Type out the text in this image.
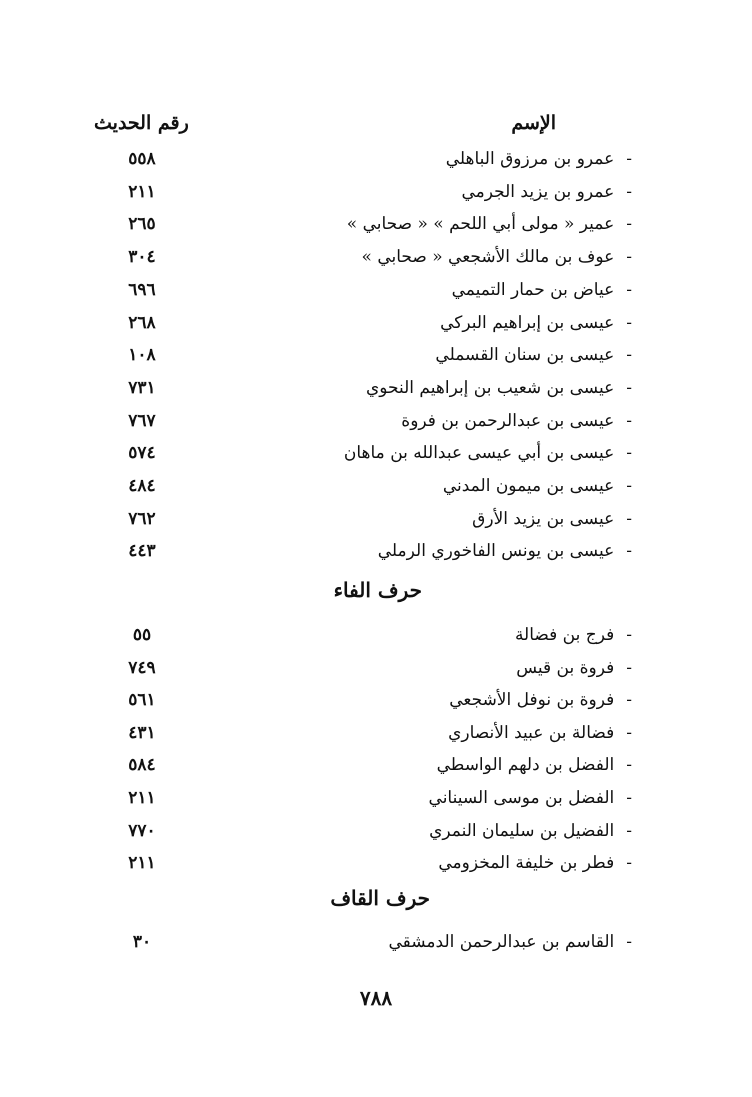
الإسم
رقم الحديث
-عمرو بن مرزوق الباهلي
٥٥٨
-عمرو بن يزيد الجرمي
٢١١
-عمير « مولى أبي اللحم » « صحابي »
٢٦٥
-عوف بن مالك الأشجعي « صحابي »
٣٠٤
-عياض بن حمار التميمي
٦٩٦
-عيسى بن إبراهيم البركي
٢٦٨
-عيسى بن سنان القسملي
١٠٨
-عيسى بن شعيب بن إبراهيم النحوي
٧٣١
-عيسى بن عبدالرحمن بن فروة
٧٦٧
-عيسى بن أبي عيسى عبدالله بن ماهان
٥٧٤
-عيسى بن ميمون المدني
٤٨٤
-عيسى بن يزيد الأرق
٧٦٢
-عيسى بن يونس الفاخوري الرملي
٤٤٣
حرف الفاء
-فرج بن فضالة
٥٥
-فروة بن قيس
٧٤٩
-فروة بن نوفل الأشجعي
٥٦١
-فضالة بن عبيد الأنصاري
٤٣١
-الفضل بن دلهم الواسطي
٥٨٤
-الفضل بن موسى السيناني
٢١١
-الفضيل بن سليمان النمري
٧٧٠
-فطر بن خليفة المخزومي
٢١١
حرف القاف
-القاسم بن عبدالرحمن الدمشقي
٣٠
٧٨٨
